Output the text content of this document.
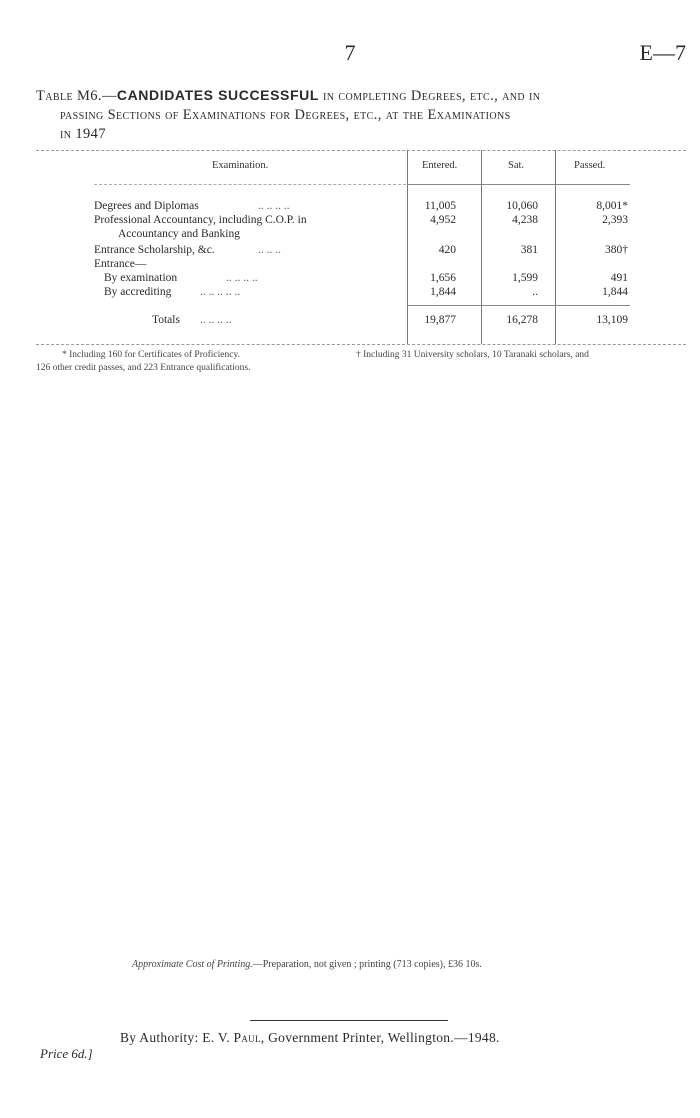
7	E—7
Table M6.—CANDIDATES SUCCESSFUL in completing Degrees, etc., and in
passing Sections of Examinations for Degrees, etc., at the Examinations
in 1947
Examination.	Entered.	Sat.	Passed.
Degrees and Diplomas	.. .. .. ..	11,005	10,060	8,001*
Professional Accountancy, including C.O.P. in	4,952	4,238	2,393
Accountancy and Banking
Entrance Scholarship, &c.	.. .. ..	420	381	380†
Entrance—
By examination	.. .. .. ..	1,656	1,599	491
By accrediting .. .. .. .. ..	1,844	..	1,844
Totals .. .. .. ..	19,877	16,278	13,109
* Including 160 for Certificates of Proficiency.	† Including 31 University scholars, 10 Taranaki scholars, and
126 other credit passes, and 223 Entrance qualifications.
Approximate Cost of Printing.—Preparation, not given ; printing (713 copies), £36 10s.
By Authority: E. V. Paul, Government Printer, Wellington.—1948.
Price 6d.]
